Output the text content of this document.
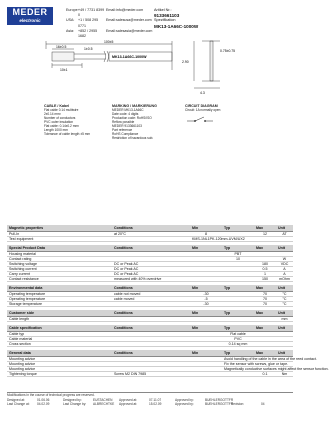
MEDER
electronic
Europe: +49 / 7731 8399 0
Email: info@meder.com
USA:	+1 / 508 295 0771
Email: salesusa@meder.com
Asia:	+852 / 2955 1682
Email: salesasia@meder.com
Artikel Nr.:
9133661103
Spezifikation
MK13-1A66C-1000W
100±5
16±0.5	1±0.5
MK13-1A66C-1000W
10±1
2.90
0.75±0.75
4.3
CABLE / Kabel
Flat cable 0.14 multiwire
2x0.14 mm²
Number of conductors
PVC outer insulation
Flat cable: 0.14x0.2 mm²
Length 1000 mm
Tolerance of cable length ±5 mm
MARKING / MARKIERUNG
MEDER MK13-1A66C
Date code: 4 digits
Production code: RoHS/ISO
Reflow possible
MEDER 9133661103
Part reference
RoHS Compliance
Restriction of hazardous sub.
CIRCUIT DIAGRAM
Circuit: 1A normally open
Magnetic properties	Conditions	Min	Typ	Max	Unit
Pull-In	at 20°C	8		12	AT
Test equipment		KMS-1NL1PK-120mm-UVM/UX2			
Special Product Data	Conditions	Min	Typ	Max	Unit
Housing material			PBT		
Contact rating			10		W
Switching voltage	DC or Peak AC			180	VDC
Switching current	DC or Peak AC			0.5	A
Carry current	DC or Peak AC			1	A
Contact resistance	measured with 40% overdrive			150	mOhm
Environmental data	Conditions	Min	Typ	Max	Unit
Operating temperature	cable not moved	-30		70	°C
Operating temperature	cable moved	-5		70	°C
Storage temperature		-30		70	°C
Customer side	Conditions	Min	Typ	Max	Unit
Cable length					mm
Cable specification	Conditions	Min	Typ	Max	Unit
Cable typ			Flat cable		
Cable material			PVC		
Cross section			0.14 sq mm		
General data	Conditions	Min	Typ	Max	Unit
Mounting advice			Avoid handling of the cable in the area of the reed contact.		
Mounting advice			Fix the sensor with screws, glue or tape.		
Mounting advice			Magnetically conductive surfaces might affect the sensor function.		
Tightening torque	Screw M2 DIN 7985			0.1	Nm
Modifications in the course of technical progress are reserved.
Designed at:	01.06.06	Designed by:	EUSTACHEN	Approved at:	07.11.07	Approved by:	BUEHLERGOTTFR
Last Change at:	04.02.09	Last Change by:	ALBRECHTKE	Approved at:	15.02.09	Approved by:	BUEHLERGOTTFR
Revision:	04
